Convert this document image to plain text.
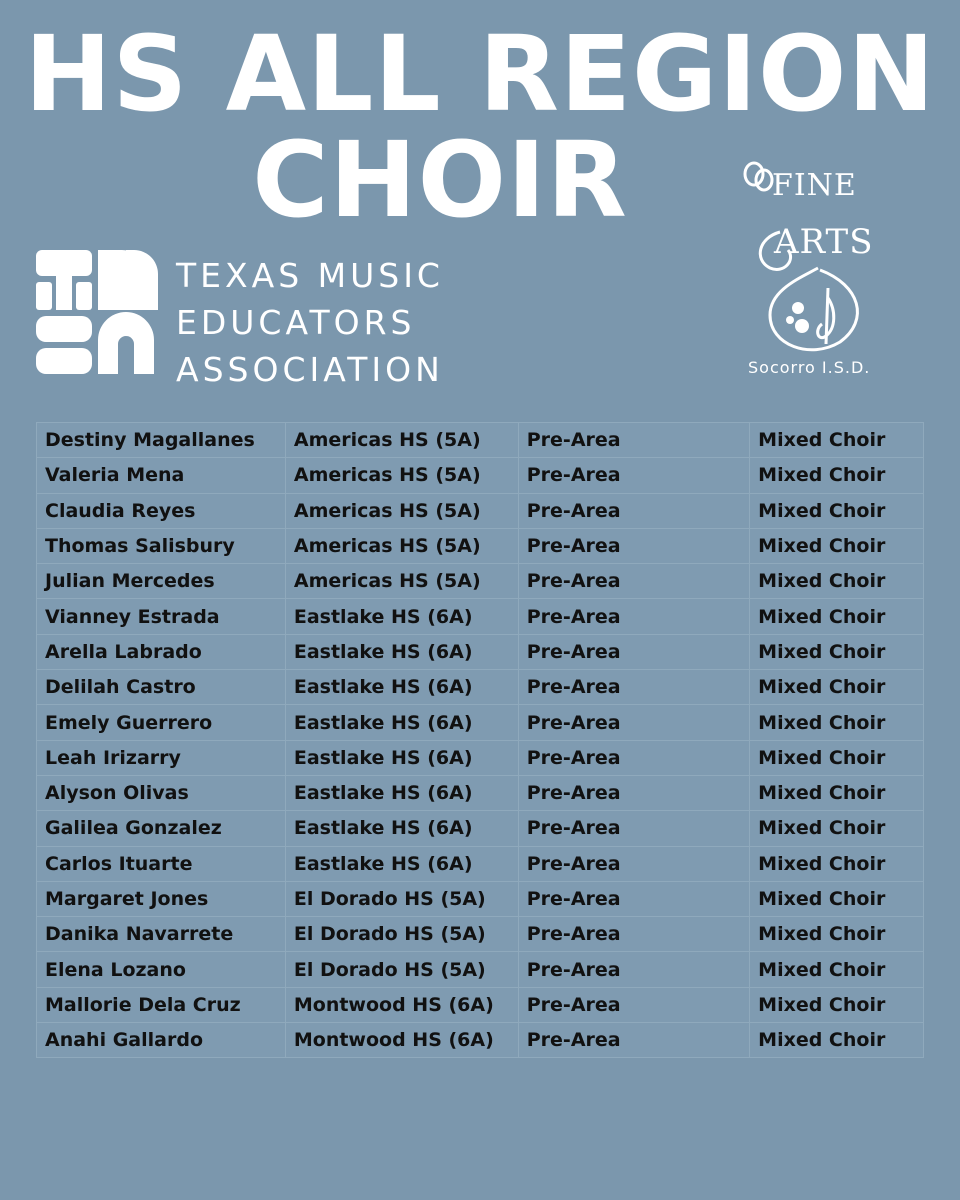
HS ALL REGION
CHOIR
TEXAS MUSIC
EDUCATORS
ASSOCIATION
FINE
ARTS
Socorro I.S.D.
Destiny Magallanes	Americas HS (5A)	Pre-Area	Mixed Choir
Valeria Mena	Americas HS (5A)	Pre-Area	Mixed Choir
Claudia Reyes	Americas HS (5A)	Pre-Area	Mixed Choir
Thomas Salisbury	Americas HS (5A)	Pre-Area	Mixed Choir
Julian Mercedes	Americas HS (5A)	Pre-Area	Mixed Choir
Vianney Estrada	Eastlake HS (6A)	Pre-Area	Mixed Choir
Arella Labrado	Eastlake HS (6A)	Pre-Area	Mixed Choir
Delilah Castro	Eastlake HS (6A)	Pre-Area	Mixed Choir
Emely Guerrero	Eastlake HS (6A)	Pre-Area	Mixed Choir
Leah Irizarry	Eastlake HS (6A)	Pre-Area	Mixed Choir
Alyson Olivas	Eastlake HS (6A)	Pre-Area	Mixed Choir
Galilea Gonzalez	Eastlake HS (6A)	Pre-Area	Mixed Choir
Carlos Ituarte	Eastlake HS (6A)	Pre-Area	Mixed Choir
Margaret Jones	El Dorado HS (5A)	Pre-Area	Mixed Choir
Danika Navarrete	El Dorado HS (5A)	Pre-Area	Mixed Choir
Elena Lozano	El Dorado HS (5A)	Pre-Area	Mixed Choir
Mallorie Dela Cruz	Montwood HS (6A)	Pre-Area	Mixed Choir
Anahi Gallardo	Montwood HS (6A)	Pre-Area	Mixed Choir
